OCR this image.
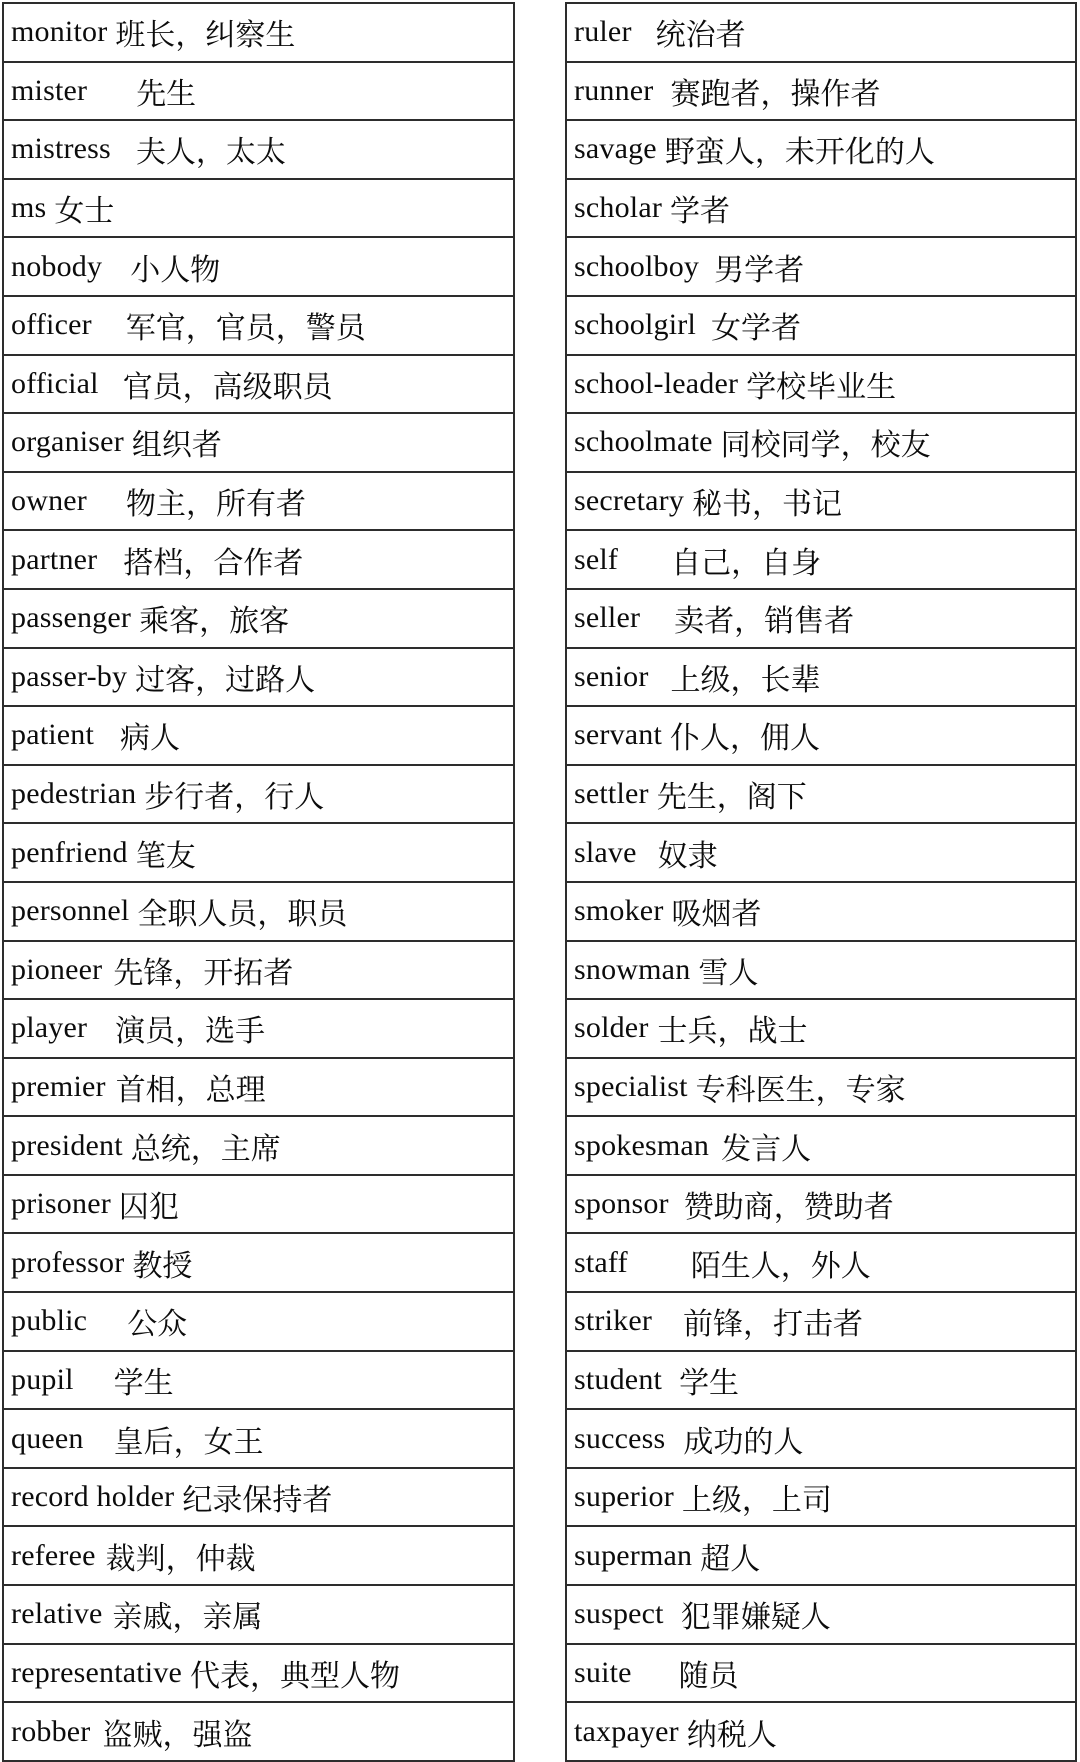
monitor 班长，纠察生
mister 先生
mistress 夫人，太太
ms 女士
nobody 小人物
officer 军官，官员，警员
official 官员，高级职员
organiser 组织者
owner 物主，所有者
partner 搭档，合作者
passenger 乘客，旅客
passer-by 过客，过路人
patient 病人
pedestrian 步行者，行人
penfriend 笔友
personnel 全职人员，职员
pioneer 先锋，开拓者
player 演员，选手
premier 首相，总理
president 总统，主席
prisoner 囚犯
professor 教授
public 公众
pupil 学生
queen 皇后，女王
record holder 纪录保持者
referee 裁判，仲裁
relative 亲戚，亲属
representative 代表，典型人物
robber 盗贼，强盗
ruler 统治者
runner 赛跑者，操作者
savage 野蛮人，未开化的人
scholar 学者
schoolboy 男学者
schoolgirl 女学者
school-leader 学校毕业生
schoolmate 同校同学，校友
secretary 秘书，书记
self 自己，自身
seller 卖者，销售者
senior 上级，长辈
servant 仆人，佣人
settler 先生，阁下
slave 奴隶
smoker 吸烟者
snowman 雪人
solder 士兵，战士
specialist 专科医生，专家
spokesman 发言人
sponsor 赞助商，赞助者
staff 陌生人，外人
striker 前锋，打击者
student 学生
success 成功的人
superior 上级，上司
superman 超人
suspect 犯罪嫌疑人
suite 随员
taxpayer 纳税人
